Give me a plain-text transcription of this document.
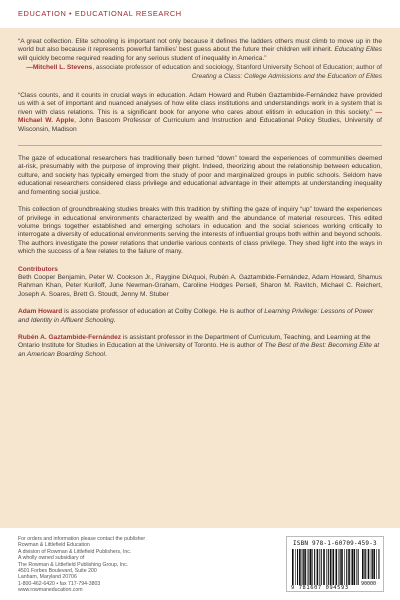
EDUCATION • EDUCATIONAL RESEARCH

“A great collection. Elite schooling is important not only because it defines the ladders others must climb to move up in the world but also because it represents powerful families’ best guess about the future their children will inherit. Educating Elites will quickly become required reading for any serious student of inequality in America.”

—Mitchell L. Stevens, associate professor of education and sociology, Stanford University School of Education; author of Creating a Class: College Admissions and the Education of Elites

“Class counts, and it counts in crucial ways in education. Adam Howard and Rubén Gaztambide-Fernández have provided us with a set of important and nuanced analyses of how elite class institutions and understandings work in a system that is riven with class relations. This is a significant book for anyone who cares about elitism in education in this society.” —Michael W. Apple, John Bascom Professor of Curriculum and Instruction and Educational Policy Studies, University of Wisconsin, Madison

The gaze of educational researchers has traditionally been turned “down” toward the experiences of communities deemed at-risk, presumably with the purpose of improving their plight. Indeed, theorizing about the relationship between education, culture, and society has typically emerged from the study of poor and marginalized groups in public schools. Seldom have educational researchers considered class privilege and educational advantage in their attempts at understanding inequality and fomenting social justice.

This collection of groundbreaking studies breaks with this tradition by shifting the gaze of inquiry “up” toward the experiences of privilege in educational environments characterized by wealth and the abundance of material resources. This edited volume brings together established and emerging scholars in education and the social sciences working critically to interrogate a diversity of educational environments serving the interests of influential groups both within and beyond schools. The authors investigate the power relations that underlie various contexts of class privilege. They shed light into the ways in which the success of a few relates to the failure of many.

Contributors

Beth Cooper Benjamin, Peter W. Cookson Jr., Raygine DiAquoi, Rubén A. Gaztambide-Fernández, Adam Howard, Shamus Rahman Khan, Peter Kuriloff, June Newman-Graham, Caroline Hodges Persell, Sharon M. Ravitch, Michael C. Reichert, Joseph A. Soares, Brett G. Stoudt, Jenny M. Stuber

Adam Howard is associate professor of education at Colby College. He is author of Learning Privilege: Lessons of Power and Identity in Affluent Schooling.

Rubén A. Gaztambide-Fernández is assistant professor in the Department of Curriculum, Teaching, and Learning at the Ontario Institute for Studies in Education at the University of Toronto. He is author of The Best of the Best: Becoming Elite at an American Boarding School.

For orders and information please contact the publisher
Rowman & Littlefield Education
A division of Rowman & Littlefield Publishers, Inc.
A wholly owned subsidiary of
The Rowman & Littlefield Publishing Group, Inc.
4501 Forbes Boulevard, Suite 200
Lanham, Maryland 20706
1-800-462-6420 • fax 717-794-3803
www.rowmaneducation.com
ISBN 978-1-60709-459-3
9 781607 094593
90000
